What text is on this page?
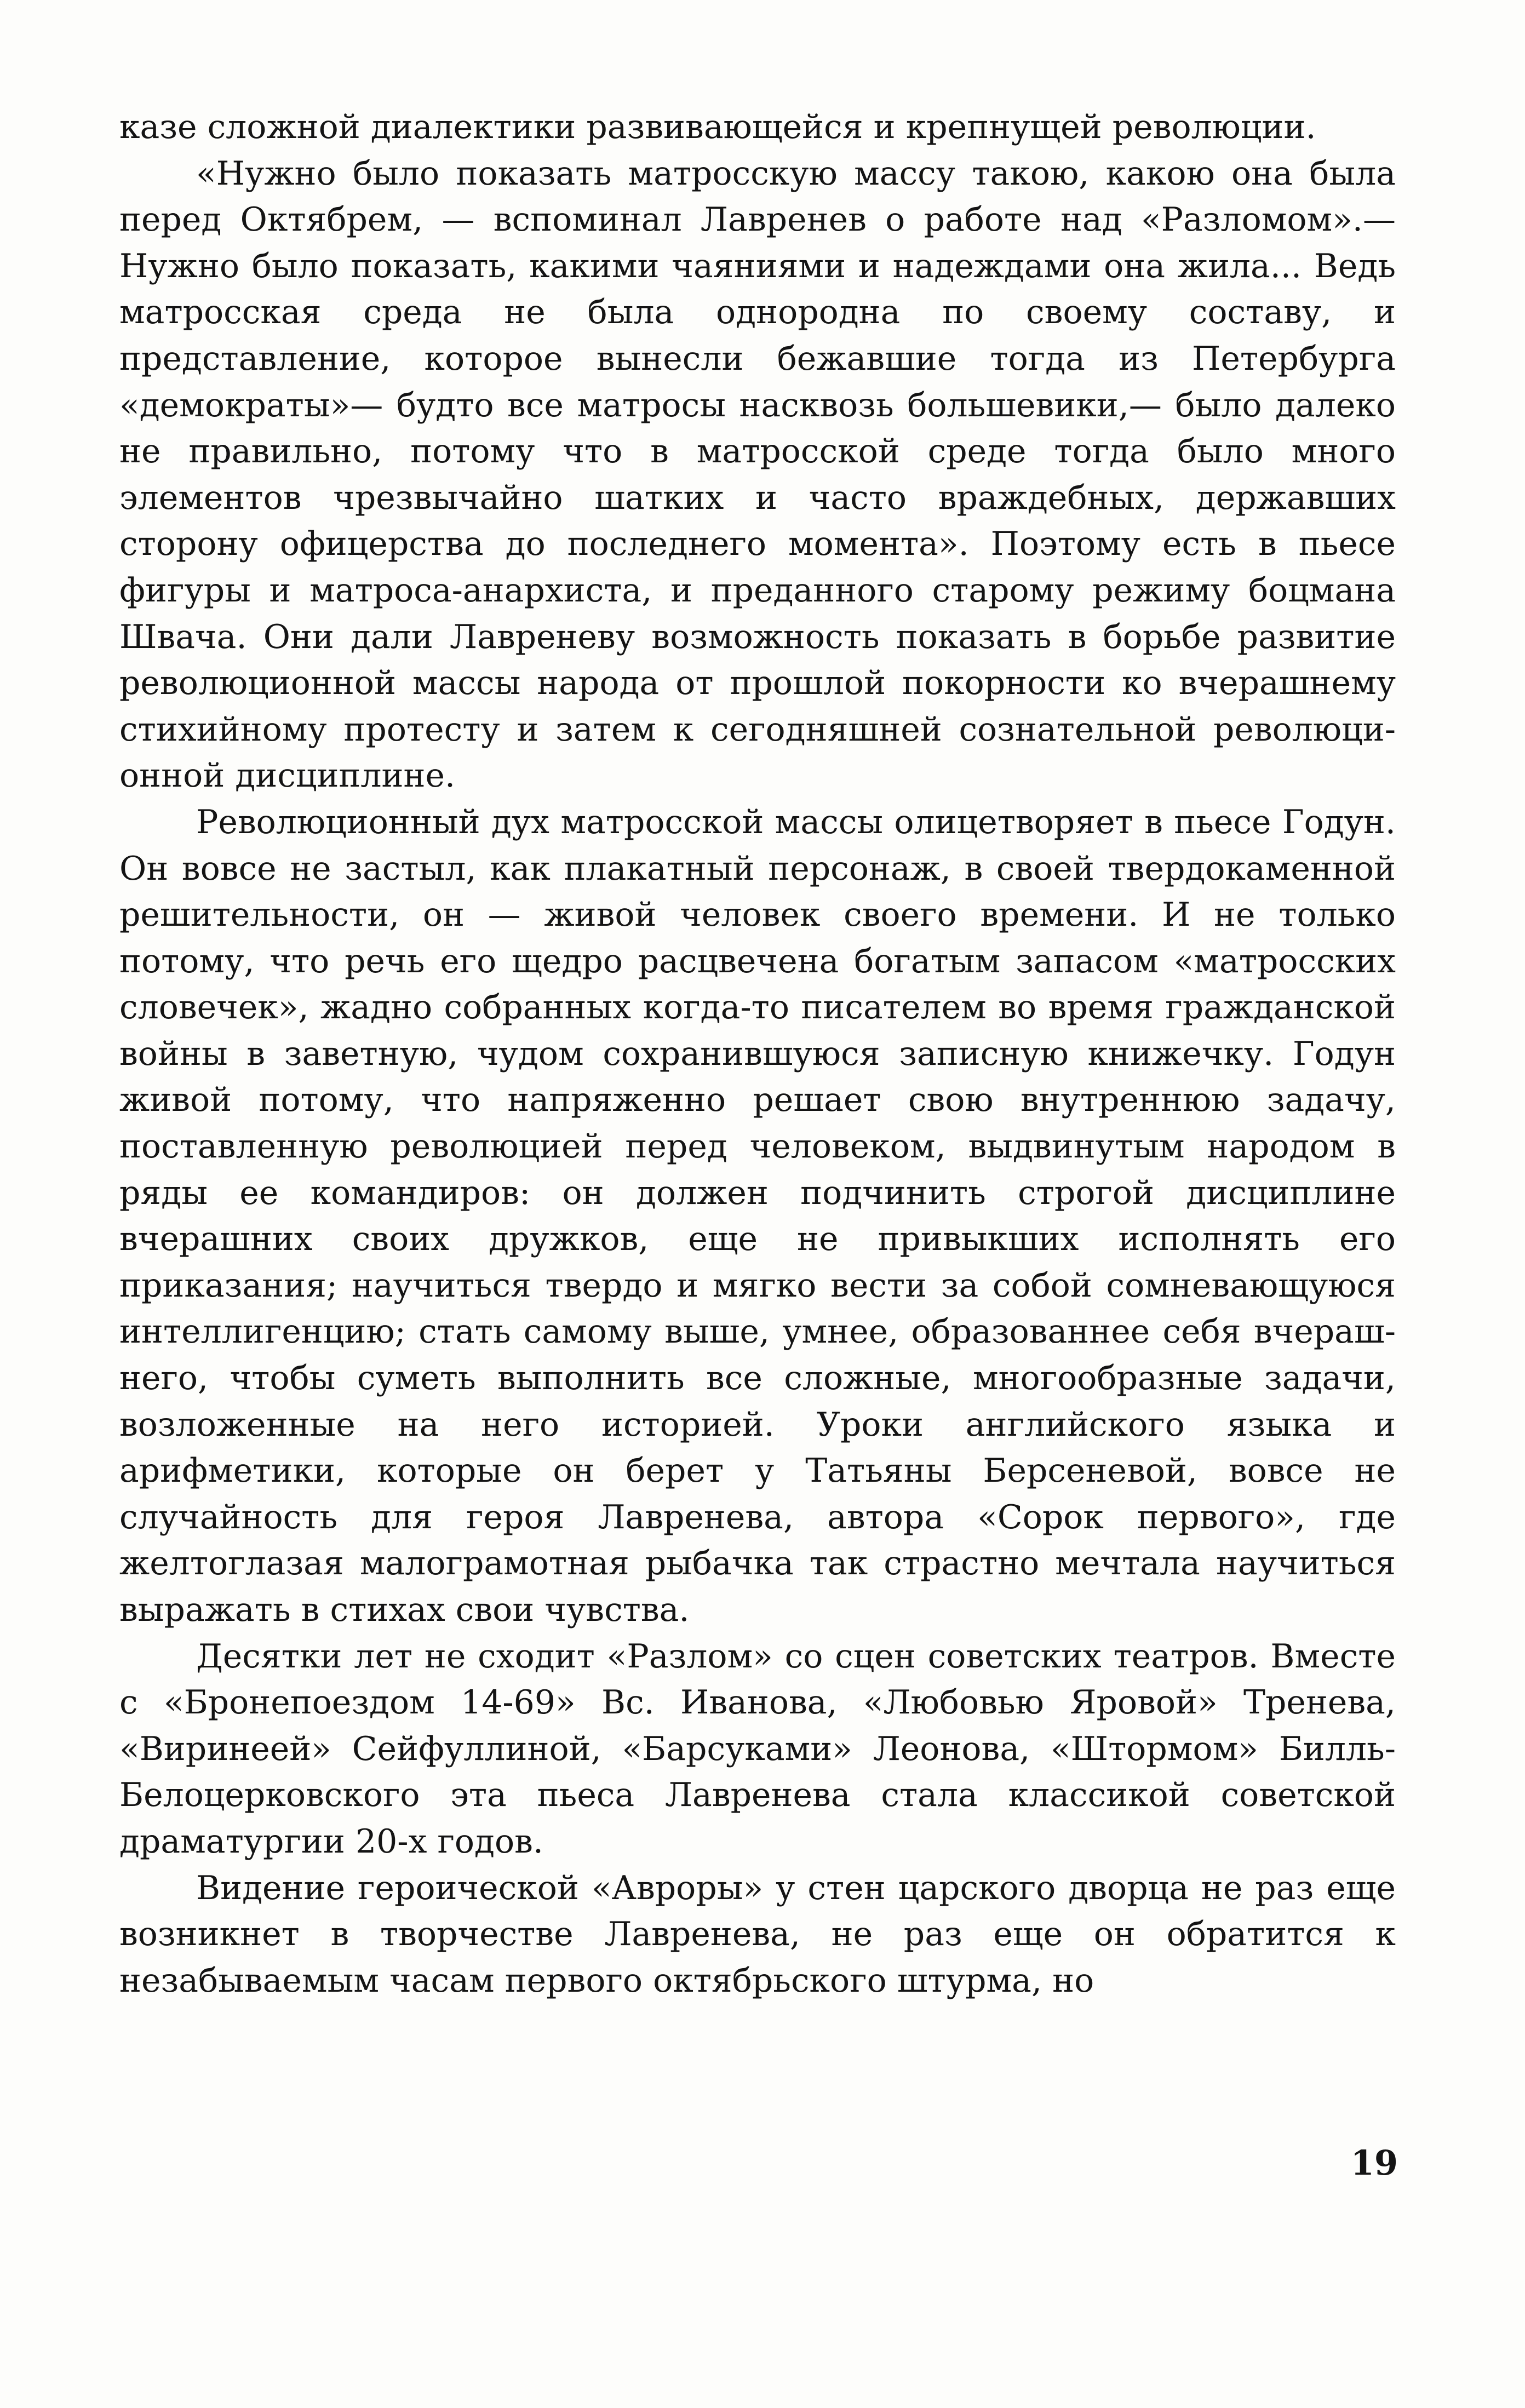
казе сложной диалектики развивающейся и крепнущей революции.

«Нужно было показать матросскую массу такою, какою она была перед Октябрем, — вспоминал Лавренев о работе над «Разломом».— Нужно было показать, какими чаяниями и надеждами она жила... Ведь матросская среда не была однородна по своему составу, и представление, которое вынесли бежавшие тогда из Петербурга «демократы»— будто все матросы насквозь большевики,— было далеко не правильно, потому что в матросской среде тогда было много элементов чрезвычайно шатких и часто враждебных, державших сторону офицерства до последнего момента». Поэтому есть в пьесе фигуры и матроса-анархиста, и преданного старому режиму боцмана Швача. Они дали Лавреневу возможность показать в борьбе развитие революционной массы народа от прошлой покорности ко вчерашнему стихийному протесту и затем к сегодняшней сознательной революционной дисциплине.

Революционный дух матросской массы олицетворяет в пьесе Годун. Он вовсе не застыл, как плакатный персонаж, в своей твердокаменной решительности, он — живой человек своего времени. И не только потому, что речь его щедро расцвечена богатым запасом «матросских словечек», жадно собранных когда-то писателем во время гражданской войны в заветную, чудом сохранившуюся записную книжечку. Годун живой потому, что напряженно решает свою внутреннюю задачу, поставленную революцией перед человеком, выдвинутым народом в ряды ее командиров: он должен подчинить строгой дисциплине вчерашних своих дружков, еще не привыкших исполнять его приказания; научиться твердо и мягко вести за собой сомневающуюся интеллигенцию; стать самому выше, умнее, образованнее себя вчерашнего, чтобы суметь выполнить все сложные, многообразные задачи, возложенные на него историей. Уроки английского языка и арифметики, которые он берет у Татьяны Берсеневой, вовсе не случайность для героя Лавренева, автора «Сорок первого», где желтоглазая малограмотная рыбачка так страстно мечтала научиться выражать в стихах свои чувства.

Десятки лет не сходит «Разлом» со сцен советских театров. Вместе с «Бронепоездом 14-69» Вс. Иванова, «Любовью Яровой» Тренева, «Виринеей» Сейфуллиной, «Барсуками» Леонова, «Штормом» Билль-Белоцерковского эта пьеса Лавренева стала классикой советской драматургии 20-х годов.

Видение героической «Авроры» у стен царского дворца не раз еще возникнет в творчестве Лавренева, не раз еще он обратится к незабываемым часам первого октябрьского штурма, но

19
